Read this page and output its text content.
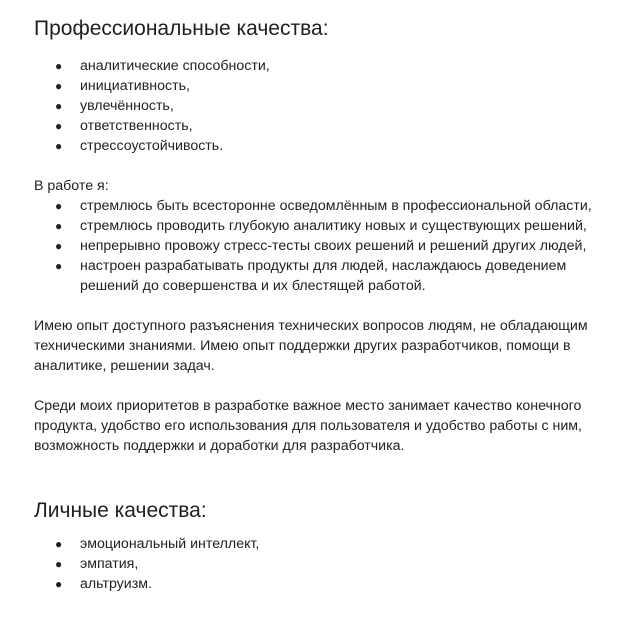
Профессиональные качества:
● аналитические способности,
● инициативность,
● увлечённость,
● ответственность,
● стрессоустойчивость.

В работе я:

● стремлюсь быть всесторонне осведомлённым в профессиональной области,
● стремлюсь проводить глубокую аналитику новых и существующих решений,
● непрерывно провожу стресс-тесты своих решений и решений других людей,
● настроен разрабатывать продукты для людей, наслаждаюсь доведением решений до совершенства и их блестящей работой.

Имею опыт доступного разъяснения технических вопросов людям, не обладающим техническими знаниями. Имею опыт поддержки других разработчиков, помощи в аналитике, решении задач.

Среди моих приоритетов в разработке важное место занимает качество конечного продукта, удобство его использования для пользователя и удобство работы с ним, возможность поддержки и доработки для разработчика.

Личные качества:
● эмоциональный интеллект,
● эмпатия,
● альтруизм.
